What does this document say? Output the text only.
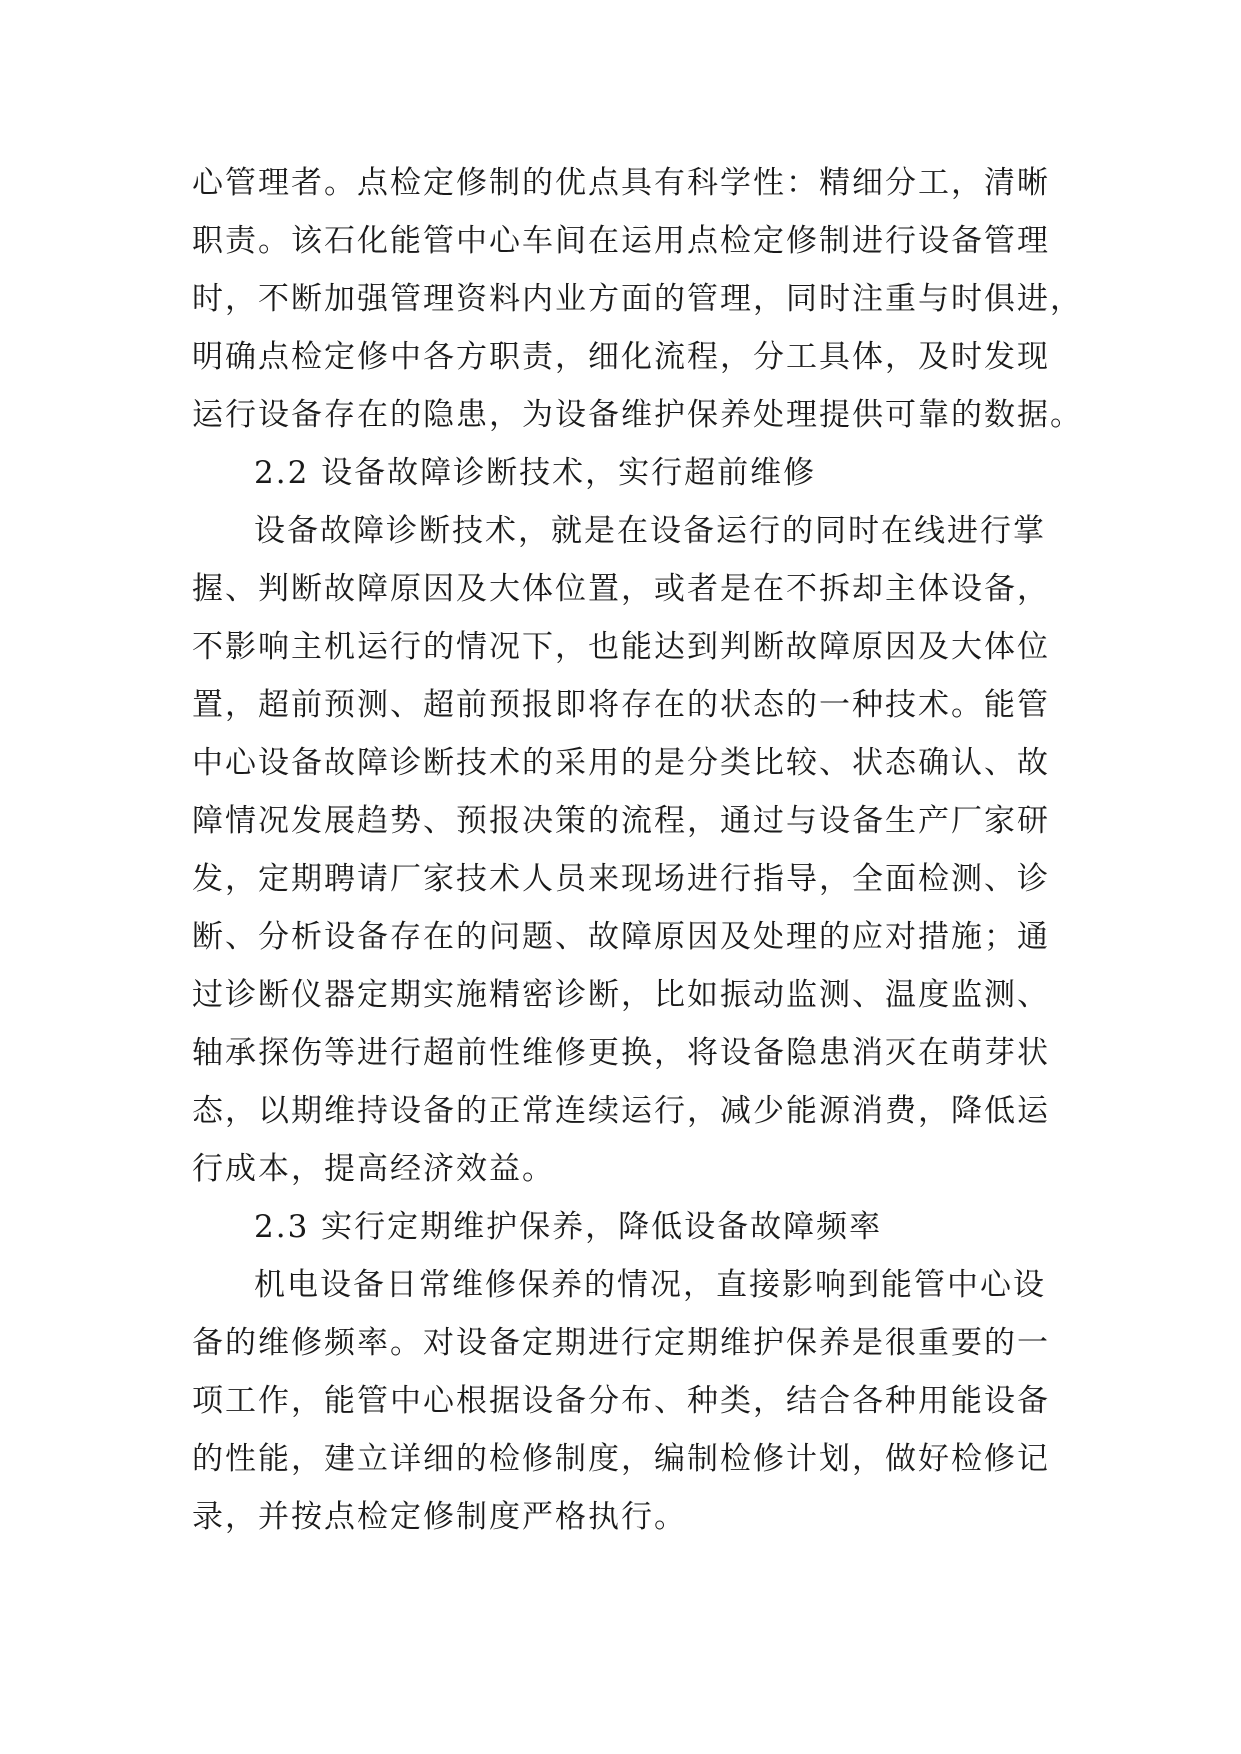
心管理者。点检定修制的优点具有科学性：精细分工，清晰
职责。该石化能管中心车间在运用点检定修制进行设备管理
时，不断加强管理资料内业方面的管理，同时注重与时俱进，
明确点检定修中各方职责，细化流程，分工具体，及时发现
运行设备存在的隐患，为设备维护保养处理提供可靠的数据。
2.2 设备故障诊断技术，实行超前维修
设备故障诊断技术，就是在设备运行的同时在线进行掌
握、判断故障原因及大体位置，或者是在不拆却主体设备，
不影响主机运行的情况下，也能达到判断故障原因及大体位
置，超前预测、超前预报即将存在的状态的一种技术。能管
中心设备故障诊断技术的采用的是分类比较、状态确认、故
障情况发展趋势、预报决策的流程，通过与设备生产厂家研
发，定期聘请厂家技术人员来现场进行指导，全面检测、诊
断、分析设备存在的问题、故障原因及处理的应对措施；通
过诊断仪器定期实施精密诊断，比如振动监测、温度监测、
轴承探伤等进行超前性维修更换，将设备隐患消灭在萌芽状
态，以期维持设备的正常连续运行，减少能源消费，降低运
行成本，提高经济效益。
2.3 实行定期维护保养，降低设备故障频率
机电设备日常维修保养的情况，直接影响到能管中心设
备的维修频率。对设备定期进行定期维护保养是很重要的一
项工作，能管中心根据设备分布、种类，结合各种用能设备
的性能，建立详细的检修制度，编制检修计划，做好检修记
录，并按点检定修制度严格执行。
